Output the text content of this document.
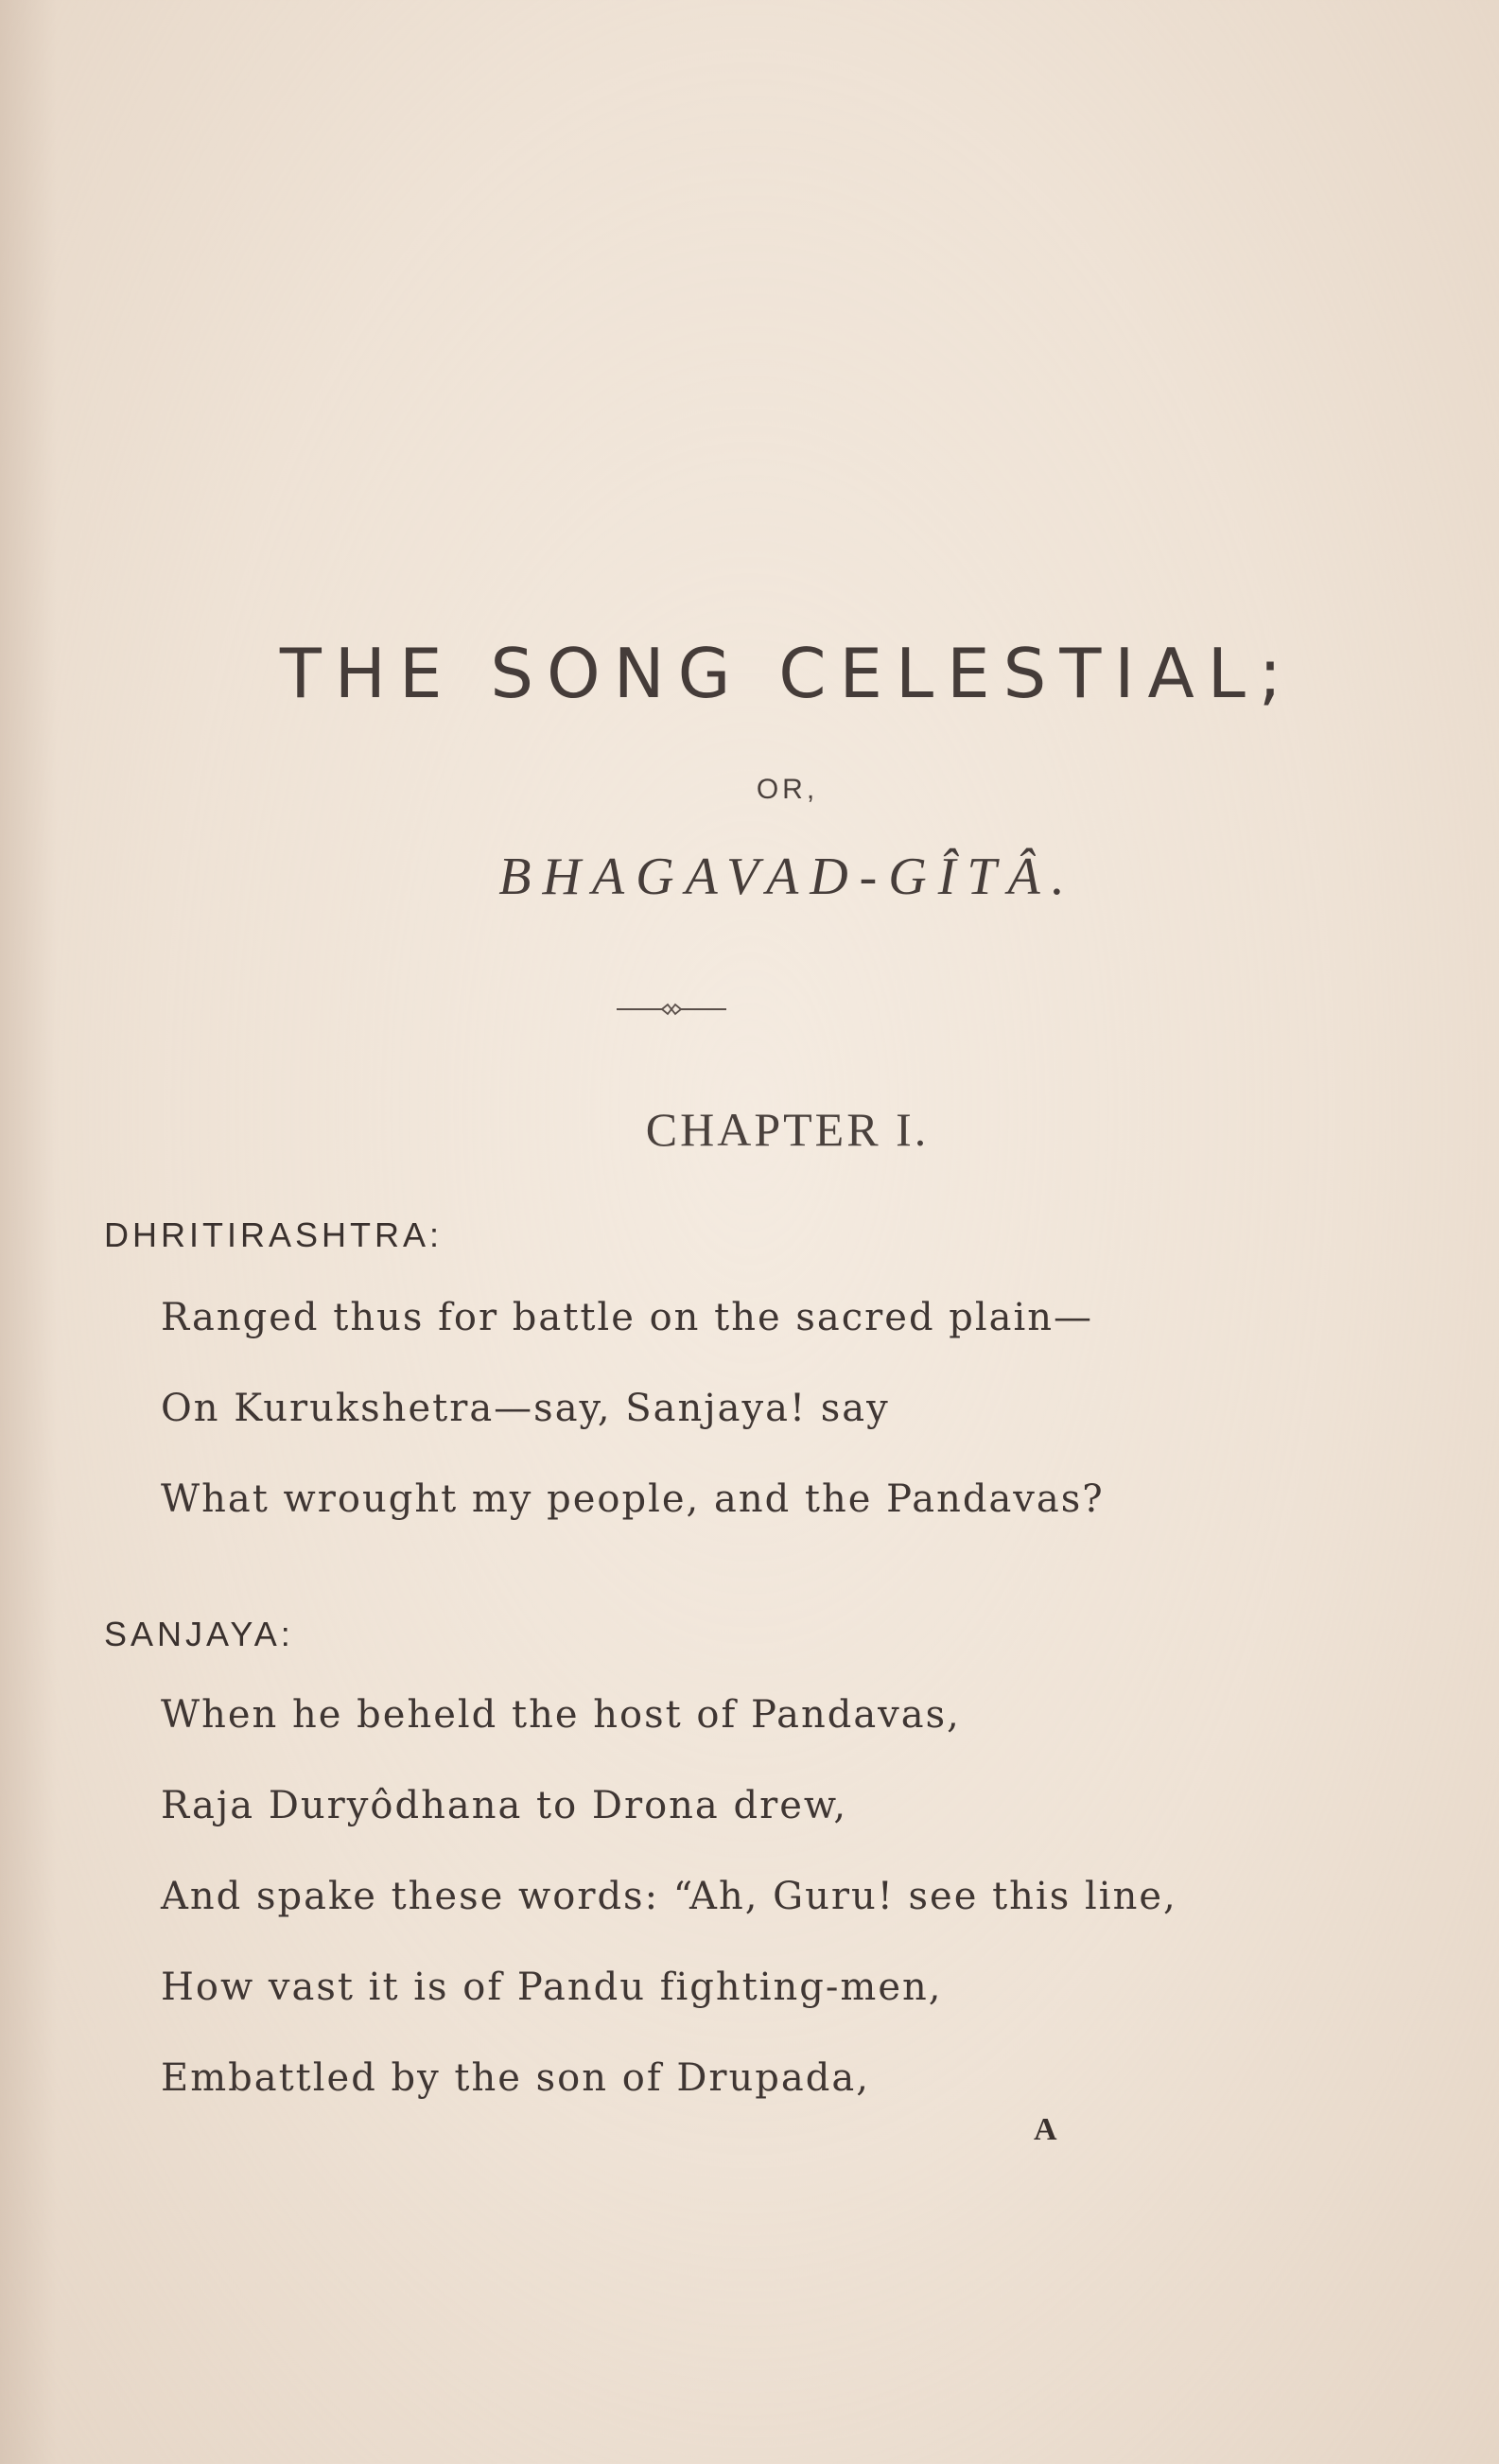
THE SONG CELESTIAL;
OR,
BHAGAVAD-GÎTÂ.
CHAPTER I.
DHRITIRASHTRA:
Ranged thus for battle on the sacred plain—
On Kurukshetra—say, Sanjaya! say
What wrought my people, and the Pandavas?
SANJAYA:
When he beheld the host of Pandavas,
Raja Duryôdhana to Drona drew,
And spake these words: “Ah, Guru! see this line,
How vast it is of Pandu fighting-men,
Embattled by the son of Drupada,
A
